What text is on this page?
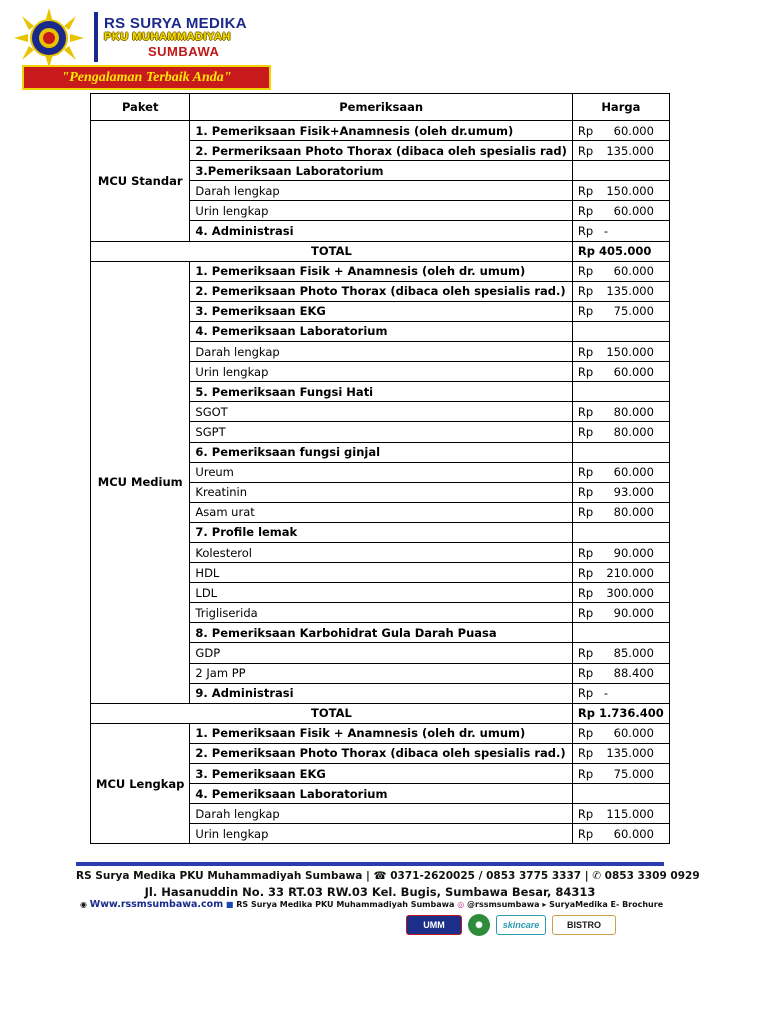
RS SURYA MEDIKA
PKU MUHAMMADIYAH
SUMBAWA
"Pengalaman Terbaik Anda"
Paket	Pemeriksaan	Harga
MCU Standar	1. Pemeriksaan Fisik+Anamnesis (oleh dr.umum)	Rp 60.000

	2. Permeriksaan Photo Thorax (dibaca oleh spesialis rad)	Rp 135.000

	3.Pemeriksaan Laboratorium	
	Darah lengkap	Rp 150.000

	Urin lengkap	Rp 60.000

	4. Administrasi	Rp -

TOTAL		Rp 405.000
MCU Medium	1. Pemeriksaan Fisik + Anamnesis (oleh dr. umum)	Rp 60.000

	2. Pemeriksaan Photo Thorax (dibaca oleh spesialis rad.)	Rp 135.000

	3. Pemeriksaan EKG	Rp 75.000

	4. Pemeriksaan Laboratorium	
	Darah lengkap	Rp 150.000

	Urin lengkap	Rp 60.000

	5. Pemeriksaan Fungsi Hati	
	SGOT	Rp 80.000

	SGPT	Rp 80.000

	6. Pemeriksaan fungsi ginjal	
	Ureum	Rp 60.000

	Kreatinin	Rp 93.000

	Asam urat	Rp 80.000

	7. Profile lemak	
	Kolesterol	Rp 90.000

	HDL	Rp 210.000

	LDL	Rp 300.000

	Trigliserida	Rp 90.000

	8. Pemeriksaan Karbohidrat Gula Darah Puasa	
	GDP	Rp 85.000

	2 Jam PP	Rp 88.400

	9. Administrasi	Rp -

TOTAL		Rp 1.736.400
MCU Lengkap	1. Pemeriksaan Fisik + Anamnesis (oleh dr. umum)	Rp 60.000

	2. Pemeriksaan Photo Thorax (dibaca oleh spesialis rad.)	Rp 135.000

	3. Pemeriksaan EKG	Rp 75.000

	4. Pemeriksaan Laboratorium	
	Darah lengkap	Rp 115.000

	Urin lengkap	Rp 60.000
RS Surya Medika PKU Muhammadiyah Sumbawa | ☎ 0371-2620025 / 0853 3775 3337 | ✆ 0853 3309 0929
Jl. Hasanuddin No. 33 RT.03 RW.03 Kel. Bugis, Sumbawa Besar, 84313
◉ Www.rssmsumbawa.com ■ RS Surya Medika PKU Muhammadiyah Sumbawa ◎ @rssmsumbawa ▸ SuryaMedika E- Brochure
UMM	✺	skincare	BISTRO
